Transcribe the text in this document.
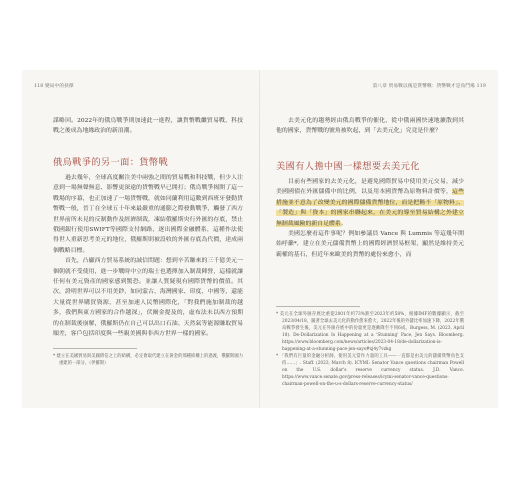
118 變局中的抉擇

謀略回。2022年的俄烏戰爭則加速此一進程，讓貨幣戰繼貿易戰、科技戰之後成為地緣政治的新浪潮。

俄烏戰爭的另一面：貨幣戰

過去幾年，全球高度關注美中兩強之間的貿易戰和科技戰，但少人注意到一場無聲無息、影響更深遠的貨幣戰早已開打；俄烏戰爭揭開了這一戰場的序幕，也正加速了一場貨幣戰，就如同蘭利用這數到西班牙發動貨幣戰一般，晉丁在全球五十年來最嚴重的通膨之際發動戰爭，觸發了西方世界前所未見的反制動作及經濟制裁，凍結俄羅斯央行外匯的存底，禁止俄國銀行使用SWIFT等國際支付網路，逐出國際金融體系，這種作法使得世人重新思考美元的地位，俄羅斯則被設收的外匯存底為代價，達成兩個戰略目標。

首先，凸顯西方貿易系統的誠信問題：想到辛苦賺來的三千億美元一個朝就不受使用，進一步戰時中立的瑞士也選擇加入制裁陣營，這樣就讓任何有美元資產的國家感到驚恐。並讓人質疑現有國際貨幣的價值。其次，證明世界可以不用美鈔，如同蒙古、海灣國家、印度、中國等，還能大量從世界購買資源，甚至加速人民幣國際化，「對我們施加制裁的越多，我們與東方國家的合作越深」，伏爾金提及的，虛布法未以西方預期的在制裁後崩解，俄羅斯仍在自己可以出口石油、天然氣等能源賺取貿易順差，客戶包括印度與一些親美國與非西方世界一樣的國家。

* 建立在美國貿易與美國債信之上的結構，必定會取代建立在黃金的那種結構上的過渡，俄羅斯國力重建的一部分。（伊羅斯）

第八章 貿易戰以後是貨幣戰：貨幣戰才是角鬥場 119

去美元化的趨勢經由俄烏戰爭的催化，從中俄兩國快速地擴散到其他的國家，貨幣戰的號角被吹起，到「去美元化」究竟是什麼？

美國有人擔中國一樣想要去美元化

目前有些國家的去美元化，是避免國際貿易中使用美元交易，減少美國國債在外匯儲備中的比例，以及用本國貨幣為原物料計價等，這些措施並不意為了改變美元的國際儲備貨幣地位，而是把稱不「原物料」、「製造」與「資本」的國家串聯起來，在美元的導至貿易結構之外建立無制裁風險的新自足體系。

美國怎麼看這件事呢？例如參議員 Vance 與 Lummis 等這幾年開始呼籲*，建立在美元儲備貨幣上的國際經濟貿易框架，顯然是維持美元霸權的基石，但近年來歐美的貨幣的處份來愈小，而

* 美元在全球外匯存底比重從2001年約73%跌至2023年約58%，根據IMF的數據顯示，截至2023/04/18，隨著全球去美元化的動作愈來愈大，2022年後的外儲比率加速下降，2022年俄烏戰爭發生後，美元在外匯存底中的份量更是逐漸降至不到6成。Burgess, M. (2023, April 18). De-Dollarization Is Happening at a 'Stunning' Pace, Jen Says. Bloomberg. https://www.bloomberg.com/news/articles/2023-04-18/de-dollarization-is-happening-at-a-stunning-pace-jen-says#xj4y7vzkg

* 「我們有巨量的金融分析師，使用美元當作力量的工具——一直都是由美元的儲備貨幣角色支持……」. Staff. (2023, March 8). ICYMI: Senator Vance questions chairman Powell on the U.S. dollar's reserve currency status. J.D. Vance. https://www.vance.senate.gov/press-releases/icymi-senator-vance-questions-chairman-powell-on-the-u-s-dollars-reserve-currency-status/
